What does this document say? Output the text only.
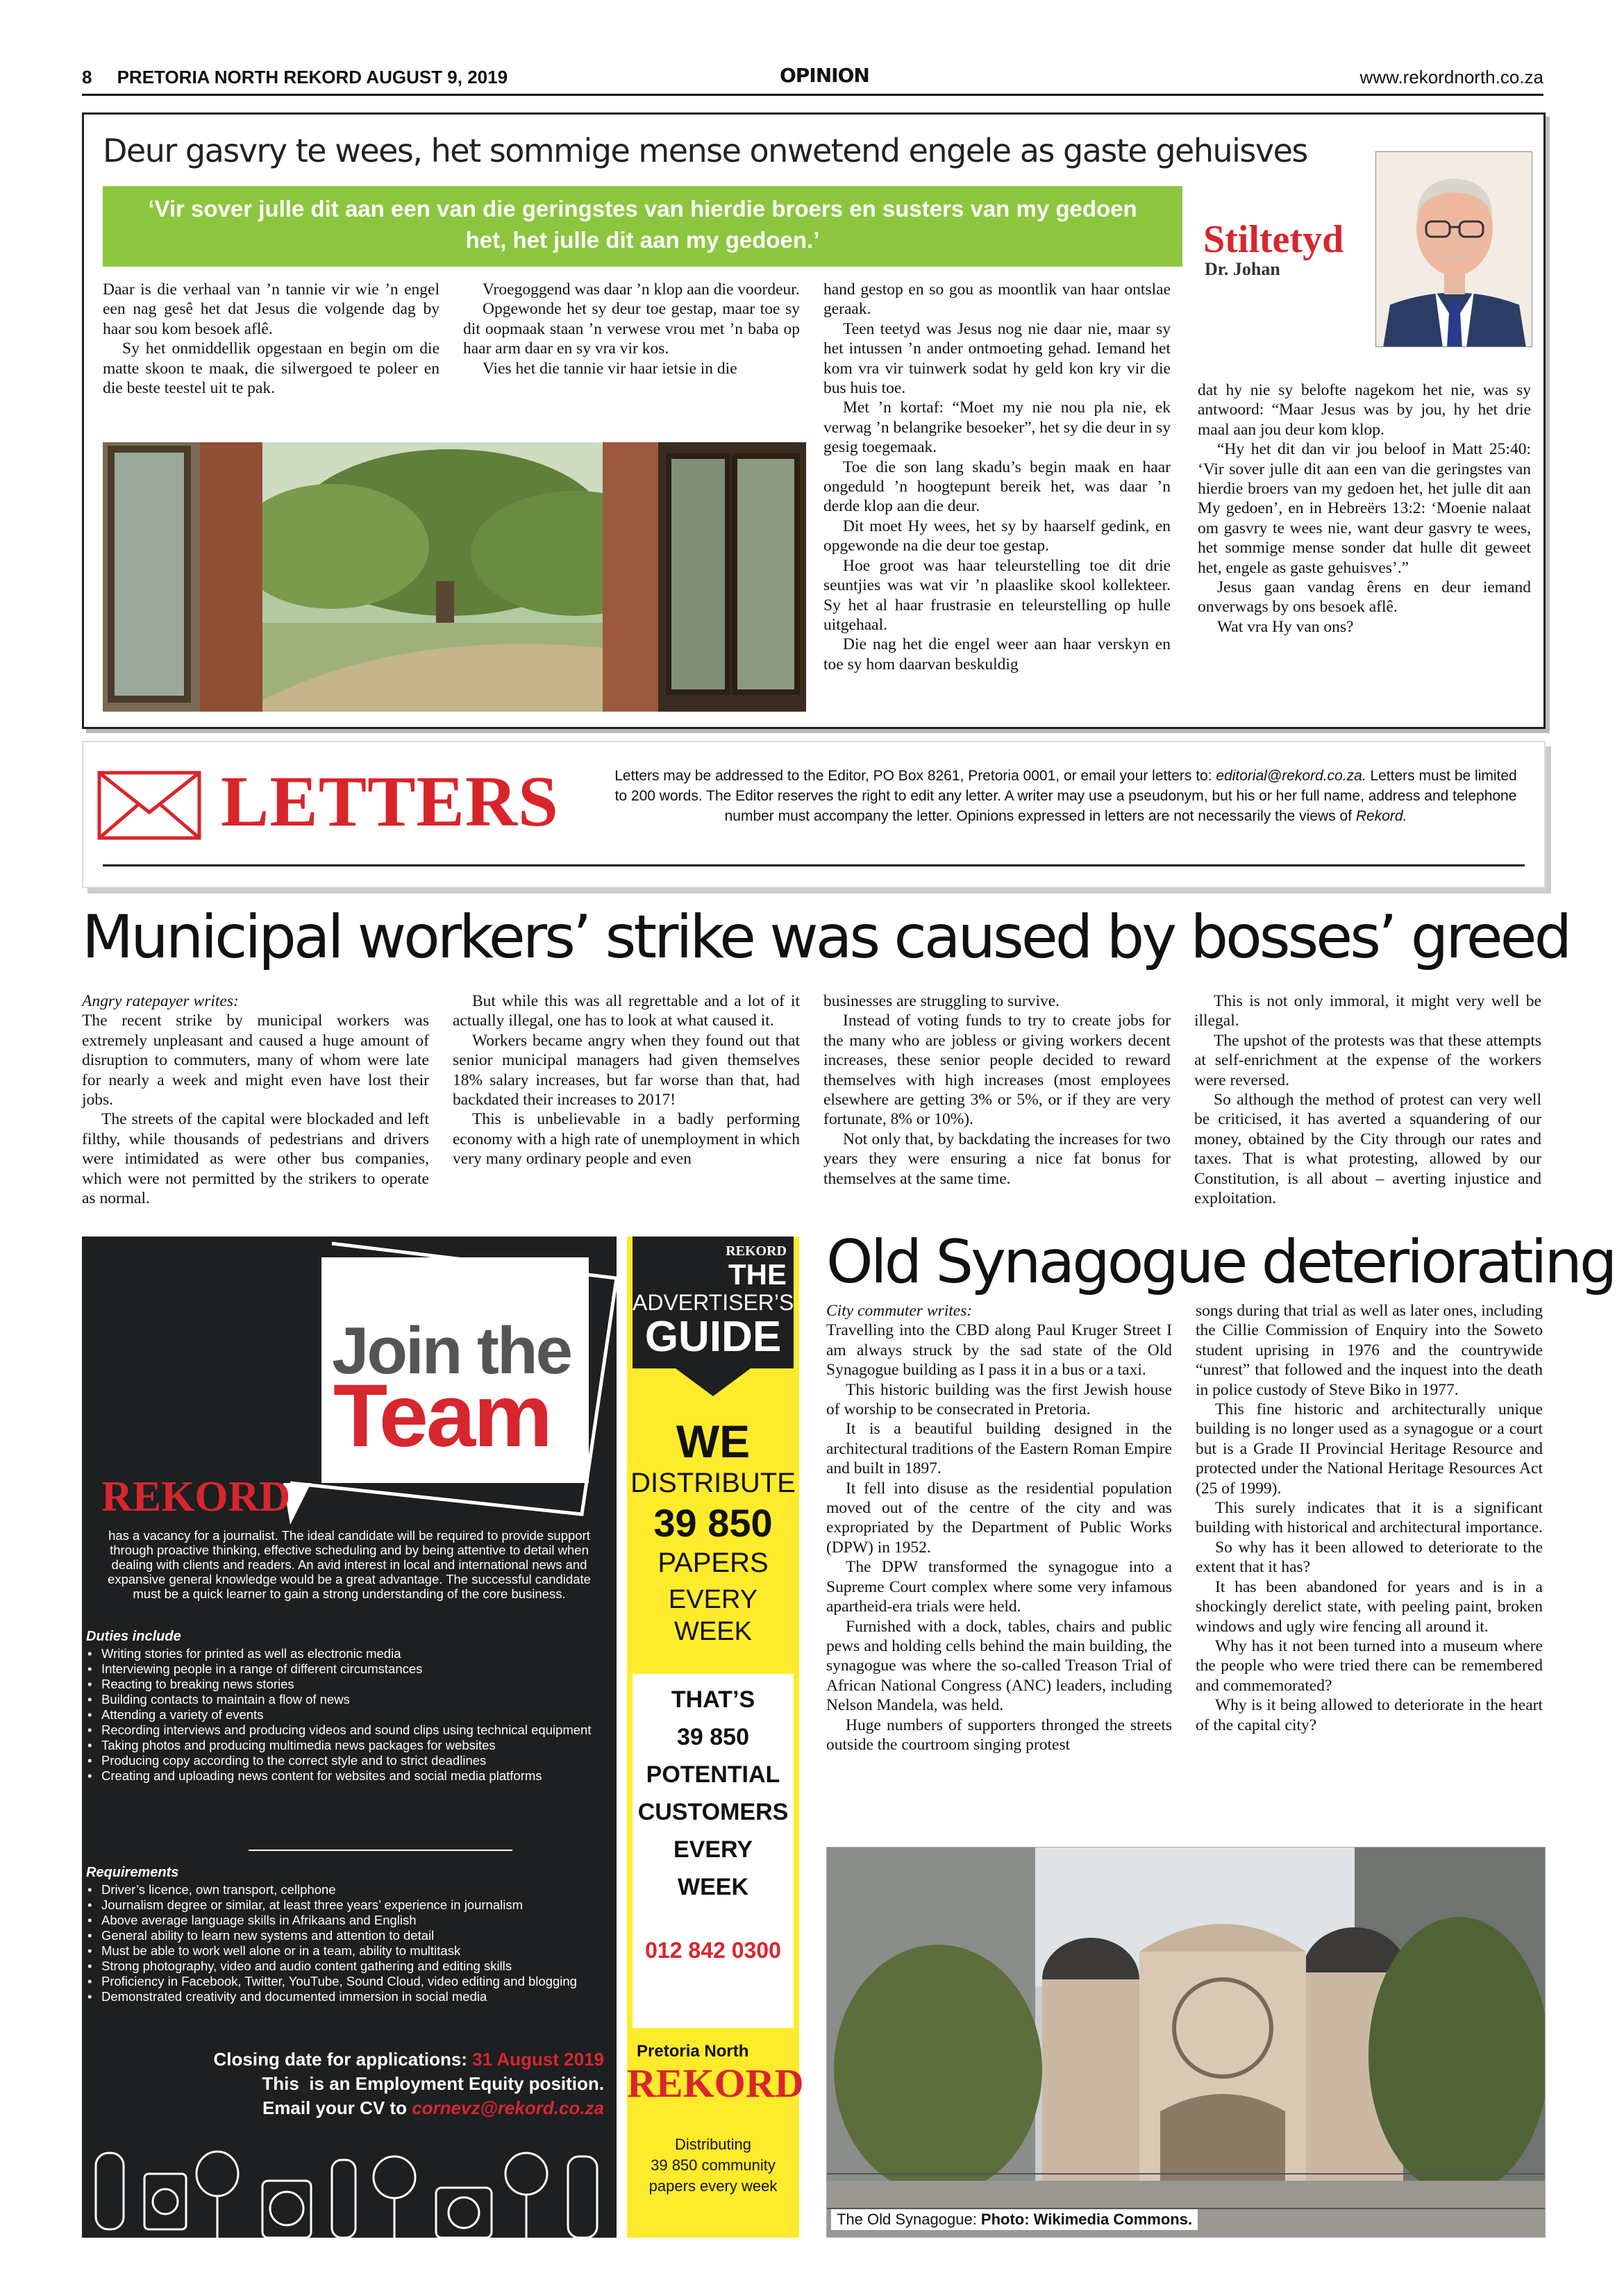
8     PRETORIA NORTH REKORD AUGUST 9, 2019	OPINION	www.rekordnorth.co.za
Deur gasvry te wees, het sommige mense onwetend engele as gaste gehuisves
‘Vir sover julle dit aan een van die geringstes van hierdie broers en susters van my gedoen het, het julle dit aan my gedoen.’	Stiltetyd
Dr. Johan

Daar is die verhaal van ’n tannie vir wie ’n engel een nag gesê het dat Jesus die volgende dag by haar sou kom besoek aflê.

Sy het onmiddellik opgestaan en begin om die matte skoon te maak, die silwergoed te poleer en die beste teestel uit te pak.

Vroegoggend was daar ’n klop aan die voordeur.

Opgewonde het sy deur toe gestap, maar toe sy dit oopmaak staan ’n verwese vrou met ’n baba op haar arm daar en sy vra vir kos.

Vies het die tannie vir haar ietsie in die

hand gestop en so gou as moontlik van haar ontslae geraak.

Teen teetyd was Jesus nog nie daar nie, maar sy het intussen ’n ander ontmoeting gehad. Iemand het kom vra vir tuinwerk sodat hy geld kon kry vir die bus huis toe.

Met ’n kortaf: “Moet my nie nou pla nie, ek verwag ’n belangrike besoeker”, het sy die deur in sy gesig toegemaak.

Toe die son lang skadu’s begin maak en haar ongeduld ’n hoogtepunt bereik het, was daar ’n derde klop aan die deur.

Dit moet Hy wees, het sy by haarself gedink, en opgewonde na die deur toe gestap.

Hoe groot was haar teleurstelling toe dit drie seuntjies was wat vir ’n plaaslike skool kollekteer. Sy het al haar frustrasie en teleurstelling op hulle uitgehaal.

Die nag het die engel weer aan haar verskyn en toe sy hom daarvan beskuldig

dat hy nie sy belofte nagekom het nie, was sy antwoord: “Maar Jesus was by jou, hy het drie maal aan jou deur kom klop.

“Hy het dit dan vir jou beloof in Matt 25:40: ‘Vir sover julle dit aan een van die geringstes van hierdie broers van my gedoen het, het julle dit aan My gedoen’, en in Hebreërs 13:2: ‘Moenie nalaat om gasvry te wees nie, want deur gasvry te wees, het sommige mense sonder dat hulle dit geweet het, engele as gaste gehuisves’.”

Jesus gaan vandag êrens en deur iemand onverwags by ons besoek aflê.

Wat vra Hy van ons?

LETTERS	Letters may be addressed to the Editor, PO Box 8261, Pretoria 0001, or email your letters to: editorial@rekord.co.za. Letters must be limited to 200 words. The Editor reserves the right to edit any letter. A writer may use a pseudonym, but his or her full name, address and telephone number must accompany the letter. Opinions expressed in letters are not necessarily the views of Rekord.
Municipal workers’ strike was caused by bosses’ greed

Angry ratepayer writes:

The recent strike by municipal workers was extremely unpleasant and caused a huge amount of disruption to commuters, many of whom were late for nearly a week and might even have lost their jobs.

The streets of the capital were blockaded and left filthy, while thousands of pedestrians and drivers were intimidated as were other bus companies, which were not permitted by the strikers to operate as normal.

But while this was all regrettable and a lot of it actually illegal, one has to look at what caused it.

Workers became angry when they found out that senior municipal managers had given themselves 18% salary increases, but far worse than that, had backdated their increases to 2017!

This is unbelievable in a badly performing economy with a high rate of unemployment in which very many ordinary people and even

businesses are struggling to survive.

Instead of voting funds to try to create jobs for the many who are jobless or giving workers decent increases, these senior people decided to reward themselves with high increases (most employees elsewhere are getting 3% or 5%, or if they are very fortunate, 8% or 10%).

Not only that, by backdating the increases for two years they were ensuring a nice fat bonus for themselves at the same time.

This is not only immoral, it might very well be illegal.

The upshot of the protests was that these attempts at self-enrichment at the expense of the workers were reversed.

So although the method of protest can very well be criticised, it has averted a squandering of our money, obtained by the City through our rates and taxes. That is what protesting, allowed by our Constitution, is all about – averting injustice and exploitation.

Join the
Team
REKORD
has a vacancy for a journalist. The ideal candidate will be required to provide support through proactive thinking, effective scheduling and by being attentive to detail when dealing with clients and readers. An avid interest in local and international news and expansive general knowledge would be a great advantage. The successful candidate must be a quick learner to gain a strong understanding of the core business.
Duties include
• Writing stories for printed as well as electronic media
• Interviewing people in a range of different circumstances
• Reacting to breaking news stories
• Building contacts to maintain a flow of news
• Attending a variety of events
• Recording interviews and producing videos and sound clips using technical equipment
• Taking photos and producing multimedia news packages for websites
• Producing copy according to the correct style and to strict deadlines
• Creating and uploading news content for websites and social media platforms
Requirements
• Driver’s licence, own transport, cellphone
• Journalism degree or similar, at least three years’ experience in journalism
• Above average language skills in Afrikaans and English
• General ability to learn new systems and attention to detail
• Must be able to work well alone or in a team, ability to multitask
• Strong photography, video and audio content gathering and editing skills
• Proficiency in Facebook, Twitter, YouTube, Sound Cloud, video editing and blogging
• Demonstrated creativity and documented immersion in social media
Closing date for applications: 31 August 2019
This  is an Employment Equity position.
Email your CV to cornevz@rekord.co.za
REKORD
THE
ADVERTISER’S
GUIDE
WE
DISTRIBUTE
39 850
PAPERS
EVERY WEEK
THAT’S
39 850
POTENTIAL
CUSTOMERS
EVERY
WEEK
012 842 0300
Pretoria North
REKORD
Distributing
39 850 community
papers every week
Old Synagogue deteriorating

City commuter writes:

Travelling into the CBD along Paul Kruger Street I am always struck by the sad state of the Old Synagogue building as I pass it in a bus or a taxi.

This historic building was the first Jewish house of worship to be consecrated in Pretoria.

It is a beautiful building designed in the architectural traditions of the Eastern Roman Empire and built in 1897.

It fell into disuse as the residential population moved out of the centre of the city and was expropriated by the Department of Public Works (DPW) in 1952.

The DPW transformed the synagogue into a Supreme Court complex where some very infamous apartheid-era trials were held.

Furnished with a dock, tables, chairs and public pews and holding cells behind the main building, the synagogue was where the so-called Treason Trial of African National Congress (ANC) leaders, including Nelson Mandela, was held.

Huge numbers of supporters thronged the streets outside the courtroom singing protest

songs during that trial as well as later ones, including the Cillie Commission of Enquiry into the Soweto student uprising in 1976 and the countrywide “unrest” that followed and the inquest into the death in police custody of Steve Biko in 1977.

This fine historic and architecturally unique building is no longer used as a synagogue or a court but is a Grade II Provincial Heritage Resource and protected under the National Heritage Resources Act (25 of 1999).

This surely indicates that it is a significant building with historical and architectural importance.

So why has it been allowed to deteriorate to the extent that it has?

It has been abandoned for years and is in a shockingly derelict state, with peeling paint, broken windows and ugly wire fencing all around it.

Why has it not been turned into a museum where the people who were tried there can be remembered and commemorated?

Why is it being allowed to deteriorate in the heart of the capital city?

The Old Synagogue: Photo: Wikimedia Commons.
